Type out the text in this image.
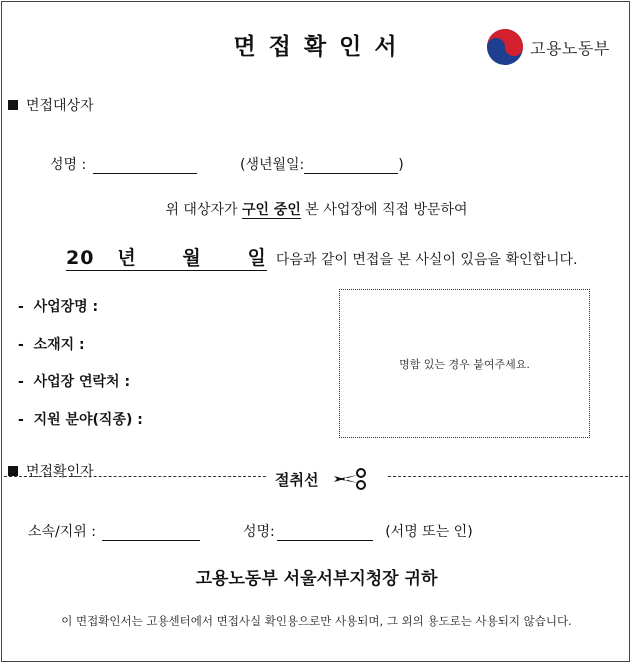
면접확인서	고용노동부
면접대상자
성명 :	(생년월일:	)
위 대상자가 구인 중인 본 사업장에 직접 방문하여
20 년 월 일 다음과 같이 면접을 본 사실이 있음을 확인합니다.
- 사업장명 :
- 소재지 :
- 사업장 연락처 :
- 지원 분야(직종) :
명함 있는 경우 붙여주세요.
면접확인자	절취선
소속/지위 :	성명:	(서명 또는 인)
고용노동부 서울서부지청장 귀하
이 면접확인서는 고용센터에서 면접사실 확인용으로만 사용되며, 그 외의 용도로는 사용되지 않습니다.
